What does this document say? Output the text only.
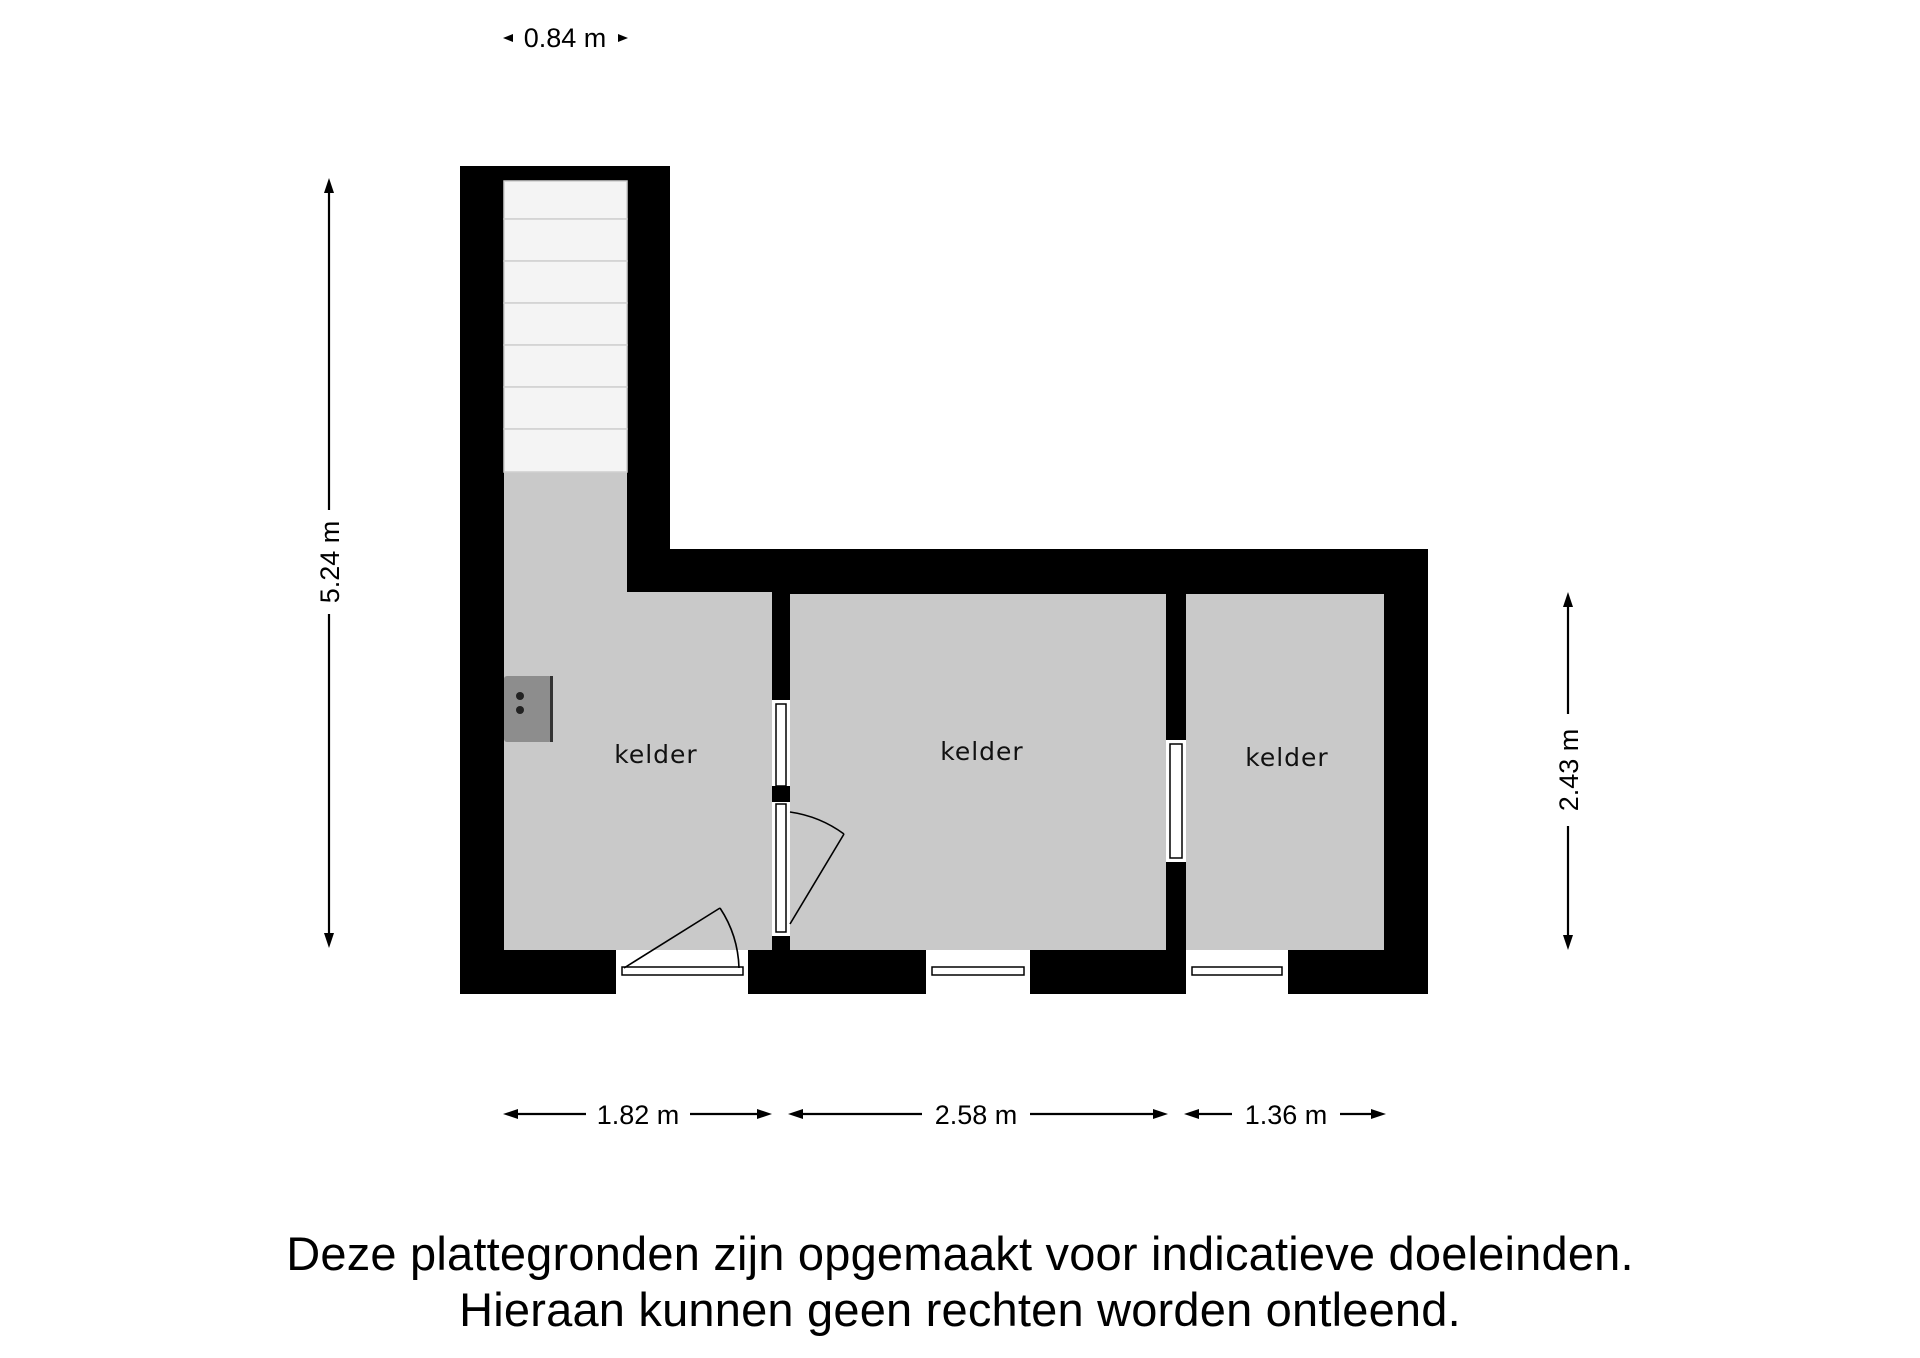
kelder	kelder	kelder
0.84 m
5.24 m
2.43 m
1.82 m	2.58 m	1.36 m
Deze plattegronden zijn opgemaakt voor indicatieve doeleinden.
Hieraan kunnen geen rechten worden ontleend.
